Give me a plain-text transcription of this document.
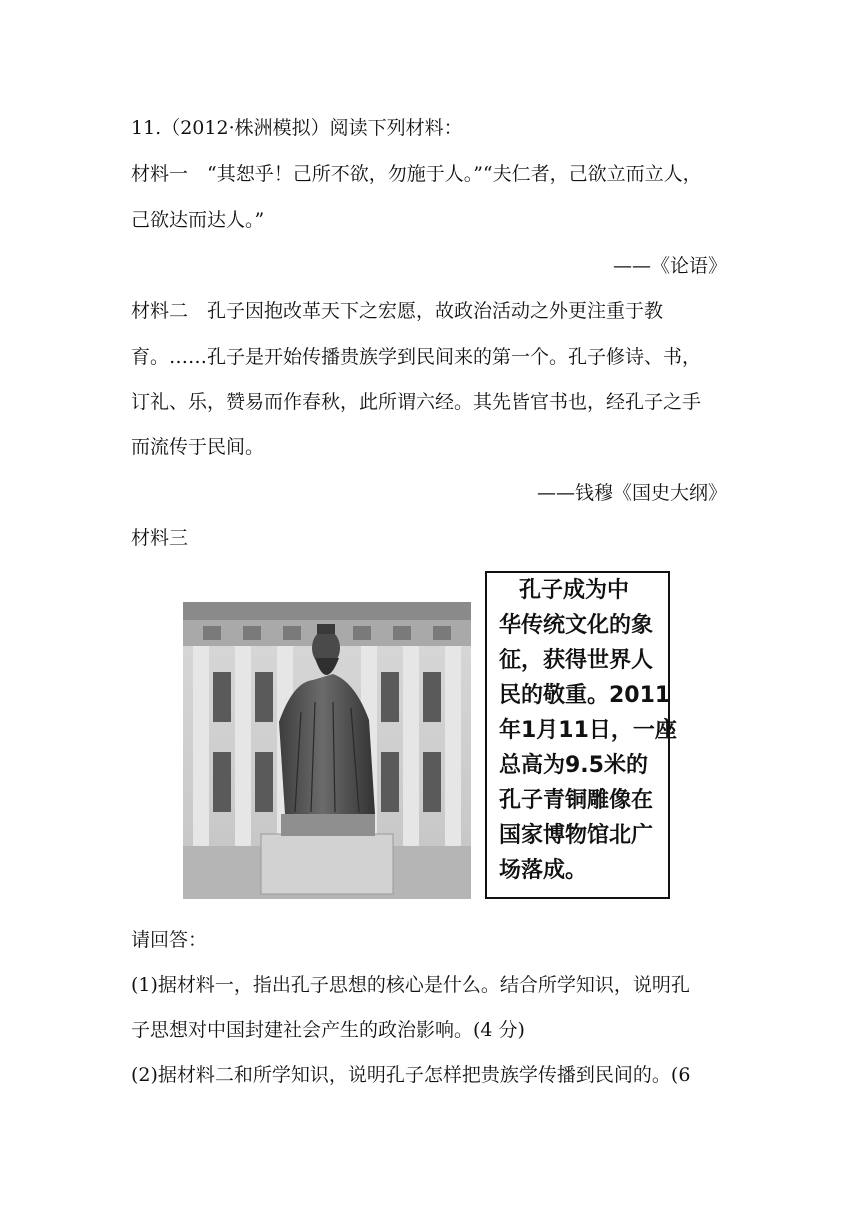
11.（2012·株洲模拟）阅读下列材料：
材料一　“其恕乎！己所不欲，勿施于人。”“夫仁者，己欲立而立人，
己欲达而达人。”
——《论语》
材料二　孔子因抱改革天下之宏愿，故政治活动之外更注重于教
育。……孔子是开始传播贵族学到民间来的第一个。孔子修诗、书，
订礼、乐，赞易而作春秋，此所谓六经。其先皆官书也，经孔子之手
而流传于民间。
——钱穆《国史大纲》
材料三
孔子成为中
华传统文化的象
征，获得世界人
民的敬重。2011
年1月11日，一座
总高为9.5米的
孔子青铜雕像在
国家博物馆北广
场落成。
请回答：
(1)据材料一，指出孔子思想的核心是什么。结合所学知识，说明孔
子思想对中国封建社会产生的政治影响。(4 分)
(2)据材料二和所学知识，说明孔子怎样把贵族学传播到民间的。(6
